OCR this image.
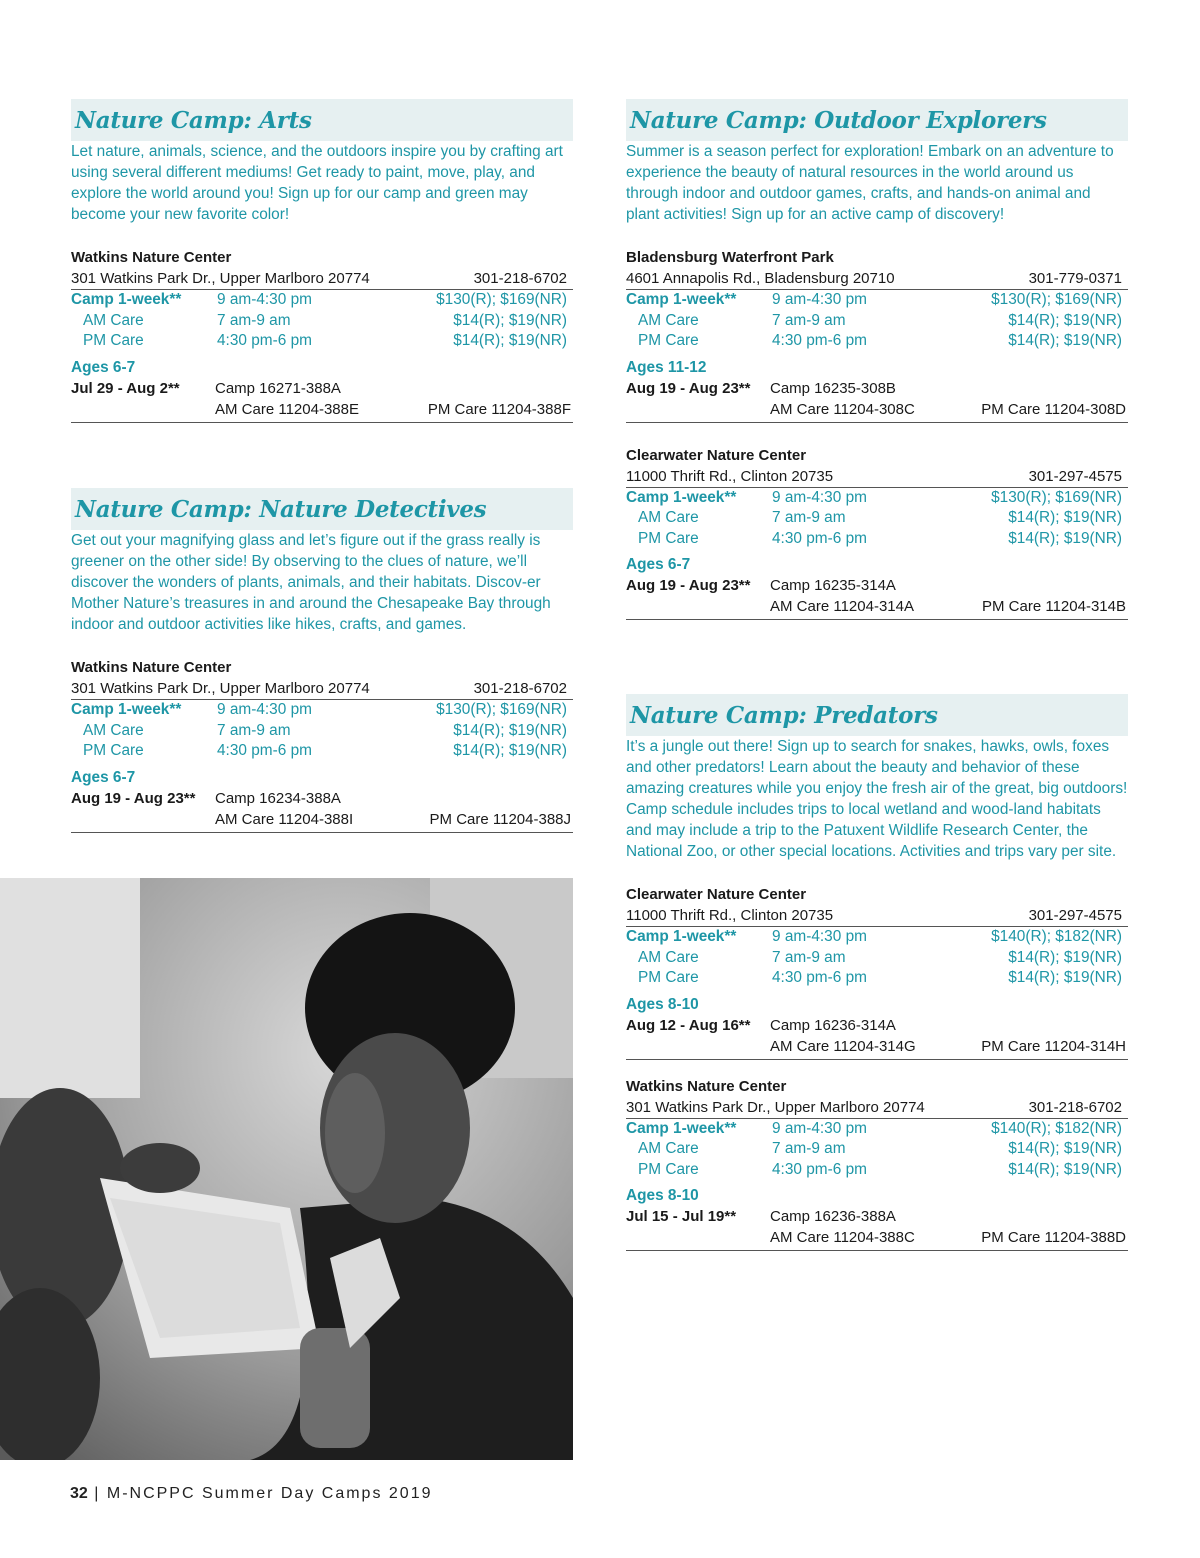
Nature Camp: Arts

Let nature, animals, science, and the outdoors inspire you by crafting art using several different mediums! Get ready to paint, move, play, and explore the world around you! Sign up for our camp and green may become your new favorite color!

Watkins Nature Center
301 Watkins Park Dr., Upper Marlboro 20774	301-218-6702
Camp 1-week**	9 am-4:30 pm	$130(R); $169(NR)
AM Care	7 am-9 am	$14(R); $19(NR)
PM Care	4:30 pm-6 pm	$14(R); $19(NR)
Ages 6-7
Jul 29 - Aug 2**	Camp 16271-388A
AM Care 11204-388E	PM Care 11204-388F
Nature Camp: Nature Detectives

Get out your magnifying glass and let’s figure out if the grass really is greener on the other side! By observing to the clues of nature, we’ll discover the wonders of plants, animals, and their habitats. Discov-er Mother Nature’s treasures in and around the Chesapeake Bay through indoor and outdoor activities like hikes, crafts, and games.

Watkins Nature Center
301 Watkins Park Dr., Upper Marlboro 20774	301-218-6702
Camp 1-week**	9 am-4:30 pm	$130(R); $169(NR)
AM Care	7 am-9 am	$14(R); $19(NR)
PM Care	4:30 pm-6 pm	$14(R); $19(NR)
Ages 6-7
Aug 19 - Aug 23**	Camp 16234-388A
AM Care 11204-388I	PM Care 11204-388J
Nature Camp: Outdoor Explorers

Summer is a season perfect for exploration! Embark on an adventure to experience the beauty of natural resources in the world around us through indoor and outdoor games, crafts, and hands-on animal and plant activities! Sign up for an active camp of discovery!

Bladensburg Waterfront Park
4601 Annapolis Rd., Bladensburg 20710	301-779-0371
Camp 1-week**	9 am-4:30 pm	$130(R); $169(NR)
AM Care	7 am-9 am	$14(R); $19(NR)
PM Care	4:30 pm-6 pm	$14(R); $19(NR)
Ages 11-12
Aug 19 - Aug 23**	Camp 16235-308B
AM Care 11204-308C	PM Care 11204-308D
Clearwater Nature Center
11000 Thrift Rd., Clinton 20735	301-297-4575
Camp 1-week**	9 am-4:30 pm	$130(R); $169(NR)
AM Care	7 am-9 am	$14(R); $19(NR)
PM Care	4:30 pm-6 pm	$14(R); $19(NR)
Ages 6-7
Aug 19 - Aug 23**	Camp 16235-314A
AM Care 11204-314A	PM Care 11204-314B
Nature Camp: Predators

It’s a jungle out there! Sign up to search for snakes, hawks, owls, foxes and other predators! Learn about the beauty and behavior of these amazing creatures while you enjoy the fresh air of the great, big outdoors! Camp schedule includes trips to local wetland and wood-land habitats and may include a trip to the Patuxent Wildlife Research Center, the National Zoo, or other special locations. Activities and trips vary per site.

Clearwater Nature Center
11000 Thrift Rd., Clinton 20735	301-297-4575
Camp 1-week**	9 am-4:30 pm	$140(R); $182(NR)
AM Care	7 am-9 am	$14(R); $19(NR)
PM Care	4:30 pm-6 pm	$14(R); $19(NR)
Ages 8-10
Aug 12 - Aug 16**	Camp 16236-314A
AM Care 11204-314G	PM Care 11204-314H
Watkins Nature Center
301 Watkins Park Dr., Upper Marlboro 20774	301-218-6702
Camp 1-week**	9 am-4:30 pm	$140(R); $182(NR)
AM Care	7 am-9 am	$14(R); $19(NR)
PM Care	4:30 pm-6 pm	$14(R); $19(NR)
Ages 8-10
Jul 15 - Jul 19**	Camp 16236-388A
AM Care 11204-388C	PM Care 11204-388D
32 | M-NCPPC Summer Day Camps 2019
